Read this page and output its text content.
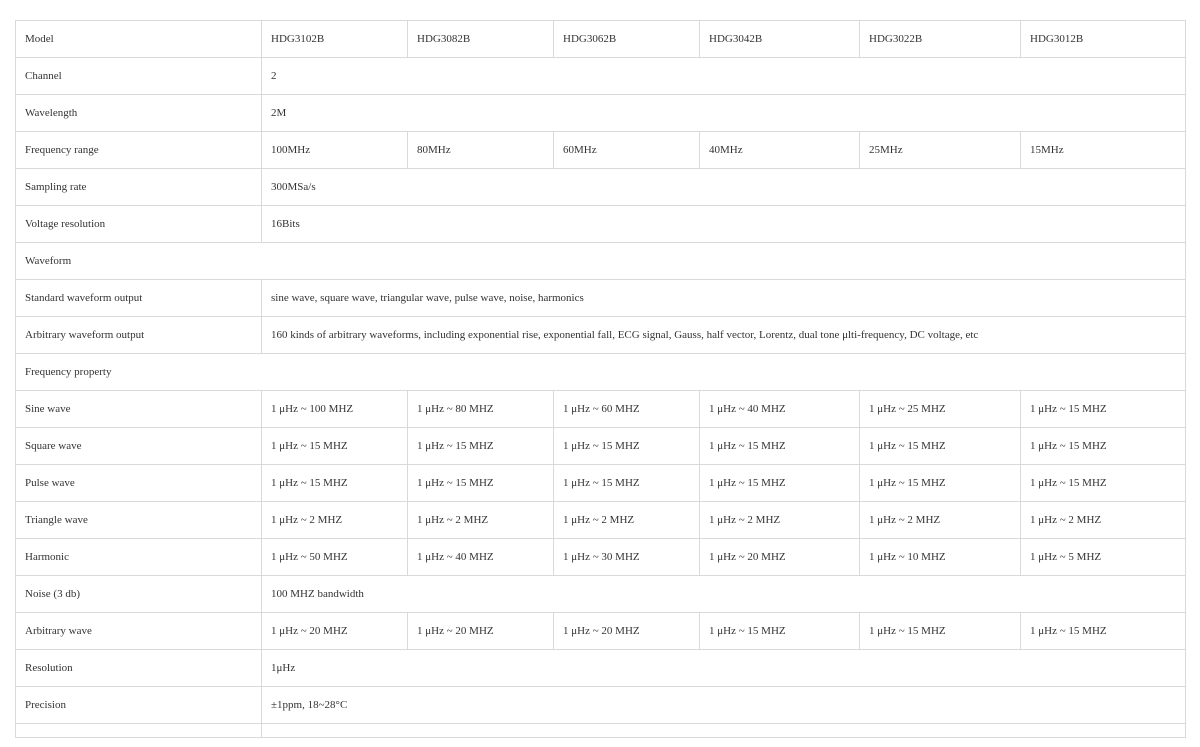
Model	HDG3102B	HDG3082B	HDG3062B	HDG3042B	HDG3022B	HDG3012B
Channel	2					
Wavelength	2M					
Frequency range	100MHz	80MHz	60MHz	40MHz	25MHz	15MHz
Sampling rate	300MSa/s					
Voltage resolution	16Bits					
Waveform						
Standard waveform output	sine wave, square wave, triangular wave, pulse wave, noise, harmonics					
Arbitrary waveform output	160 kinds of arbitrary waveforms, including exponential rise, exponential fall, ECG signal, Gauss, half vector, Lorentz, dual tone μlti-frequency, DC voltage, etc					
Frequency property						
Sine wave	1 μHz ~ 100 MHZ	1 μHz ~ 80 MHZ	1 μHz ~ 60 MHZ	1 μHz ~ 40 MHZ	1 μHz ~ 25 MHZ	1 μHz ~ 15 MHZ
Square wave	1 μHz ~ 15 MHZ	1 μHz ~ 15 MHZ	1 μHz ~ 15 MHZ	1 μHz ~ 15 MHZ	1 μHz ~ 15 MHZ	1 μHz ~ 15 MHZ
Pulse wave	1 μHz ~ 15 MHZ	1 μHz ~ 15 MHZ	1 μHz ~ 15 MHZ	1 μHz ~ 15 MHZ	1 μHz ~ 15 MHZ	1 μHz ~ 15 MHZ
Triangle wave	1 μHz ~ 2 MHZ	1 μHz ~ 2 MHZ	1 μHz ~ 2 MHZ	1 μHz ~ 2 MHZ	1 μHz ~ 2 MHZ	1 μHz ~ 2 MHZ
Harmonic	1 μHz ~ 50 MHZ	1 μHz ~ 40 MHZ	1 μHz ~ 30 MHZ	1 μHz ~ 20 MHZ	1 μHz ~ 10 MHZ	1 μHz ~ 5 MHZ
Noise (3 db)	100 MHZ bandwidth					
Arbitrary wave	1 μHz ~ 20 MHZ	1 μHz ~ 20 MHZ	1 μHz ~ 20 MHZ	1 μHz ~ 15 MHZ	1 μHz ~ 15 MHZ	1 μHz ~ 15 MHZ
Resolution	1μHz					
Precision	±1ppm, 18~28°C					
